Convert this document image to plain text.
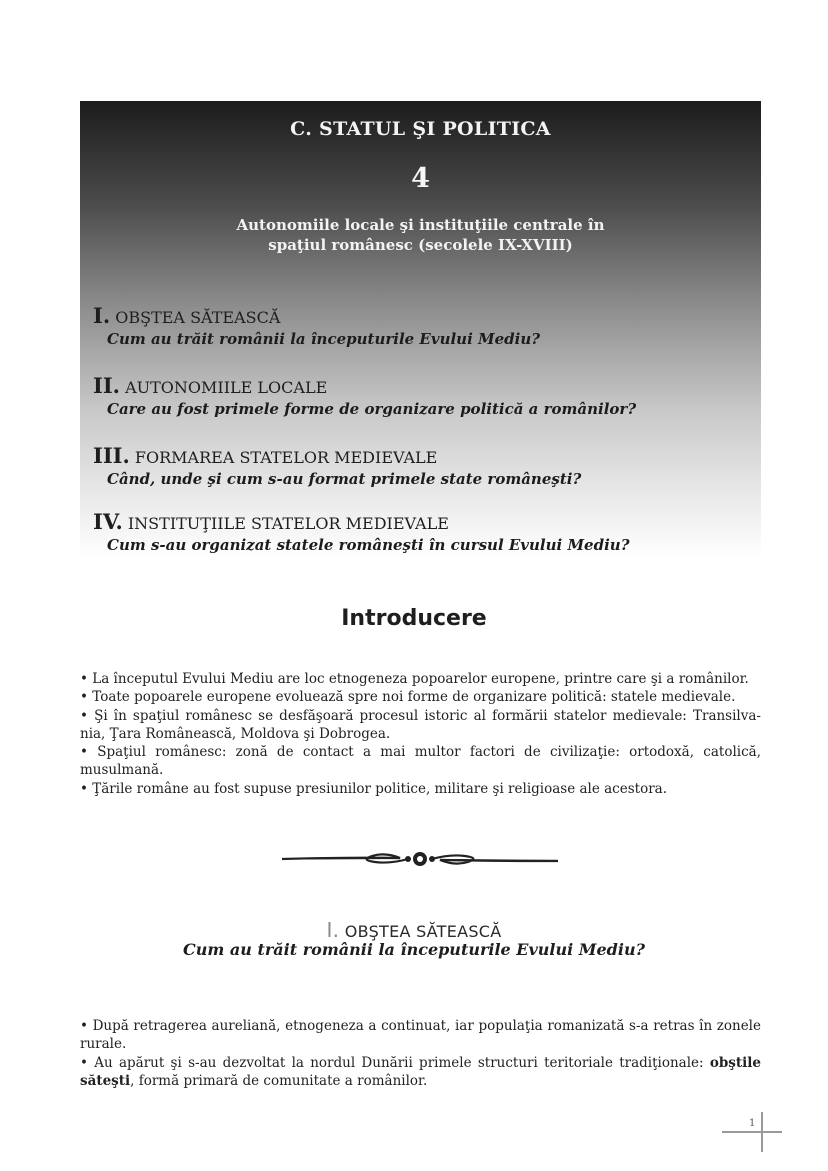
C. STATUL ŞI POLITICA
4
Autonomiile locale şi instituţiile centrale în
spaţiul românesc (secolele IX-XVIII)
I. OBŞTEA SĂTEASCĂ
Cum au trăit românii la începuturile Evului Mediu?
II. AUTONOMIILE LOCALE
Care au fost primele forme de organizare politică a românilor?
III. FORMAREA STATELOR MEDIEVALE
Când, unde şi cum s-au format primele state româneşti?
IV. INSTITUŢIILE STATELOR MEDIEVALE
Cum s-au organizat statele româneşti în cursul Evului Mediu?
Introducere

• La începutul Evului Mediu are loc etnogeneza popoarelor europene, printre care şi a românilor.

• Toate popoarele europene evoluează spre noi forme de organizare politică: statele medievale.

• Şi în spaţiul românesc se desfăşoară procesul istoric al formării statelor medievale: Transilva-nia, Ţara Românească, Moldova şi Dobrogea.

• Spaţiul românesc: zonă de contact a mai multor factori de civilizaţie: ortodoxă, catolică, musulmană.

• Ţările române au fost supuse presiunilor politice, militare şi religioase ale acestora.

I. OBŞTEA SĂTEASCĂ
Cum au trăit românii la începuturile Evului Mediu?

• După retragerea aureliană, etnogeneza a continuat, iar populaţia romanizată s-a retras în zonele rurale.

• Au apărut şi s-au dezvoltat la nordul Dunării primele structuri teritoriale tradiţionale: obştile săteşti, formă primară de comunitate a românilor.

1
